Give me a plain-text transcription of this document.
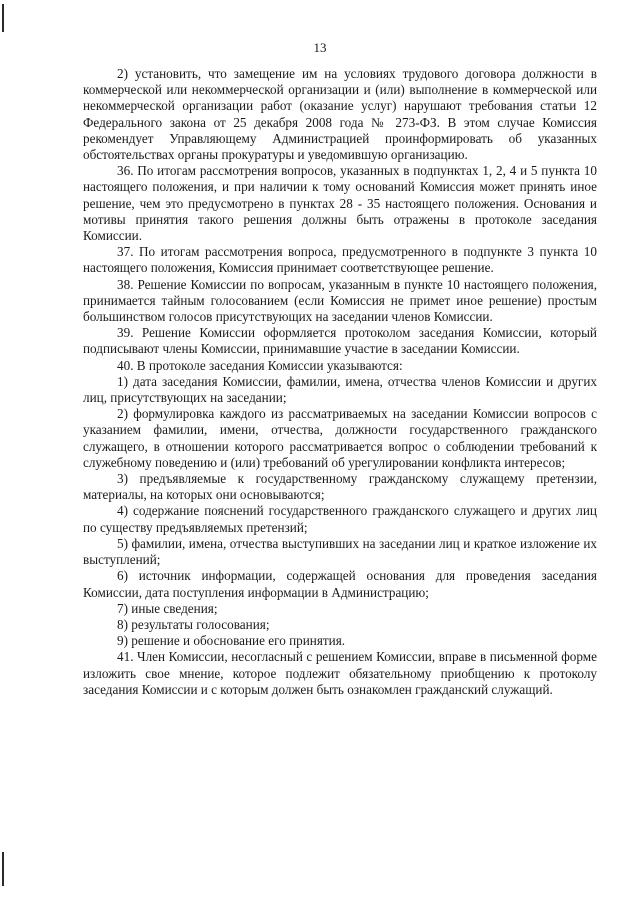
13

2) установить, что замещение им на условиях трудового договора должности в коммерческой или некоммерческой организации и (или) выполнение в коммерческой или некоммерческой организации работ (оказание услуг) нарушают требования статьи 12 Федерального закона от 25 декабря 2008 года № 273-ФЗ. В этом случае Комиссия рекомендует Управляющему Администрацией проинформировать об указанных обстоятельствах органы прокуратуры и уведомившую организацию.

36. По итогам рассмотрения вопросов, указанных в подпунктах 1, 2, 4 и 5 пункта 10 настоящего положения, и при наличии к тому оснований Комиссия может принять иное решение, чем это предусмотрено в пунктах 28 - 35 настоящего положения. Основания и мотивы принятия такого решения должны быть отражены в протоколе заседания Комиссии.

37. По итогам рассмотрения вопроса, предусмотренного в подпункте 3 пункта 10 настоящего положения, Комиссия принимает соответствующее решение.

38. Решение Комиссии по вопросам, указанным в пункте 10 настоящего положения, принимается тайным голосованием (если Комиссия не примет иное решение) простым большинством голосов присутствующих на заседании членов Комиссии.

39. Решение Комиссии оформляется протоколом заседания Комиссии, который подписывают члены Комиссии, принимавшие участие в заседании Комиссии.

40. В протоколе заседания Комиссии указываются:

1) дата заседания Комиссии, фамилии, имена, отчества членов Комиссии и других лиц, присутствующих на заседании;

2) формулировка каждого из рассматриваемых на заседании Комиссии вопросов с указанием фамилии, имени, отчества, должности государственного гражданского служащего, в отношении которого рассматривается вопрос о соблюдении требований к служебному поведению и (или) требований об урегулировании конфликта интересов;

3) предъявляемые к государственному гражданскому служащему претензии, материалы, на которых они основываются;

4) содержание пояснений государственного гражданского служащего и других лиц по существу предъявляемых претензий;

5) фамилии, имена, отчества выступивших на заседании лиц и краткое изложение их выступлений;

6) источник информации, содержащей основания для проведения заседания Комиссии, дата поступления информации в Администрацию;

7) иные сведения;

8) результаты голосования;

9) решение и обоснование его принятия.

41. Член Комиссии, несогласный с решением Комиссии, вправе в письменной форме изложить свое мнение, которое подлежит обязательному приобщению к протоколу заседания Комиссии и с которым должен быть ознакомлен гражданский служащий.
